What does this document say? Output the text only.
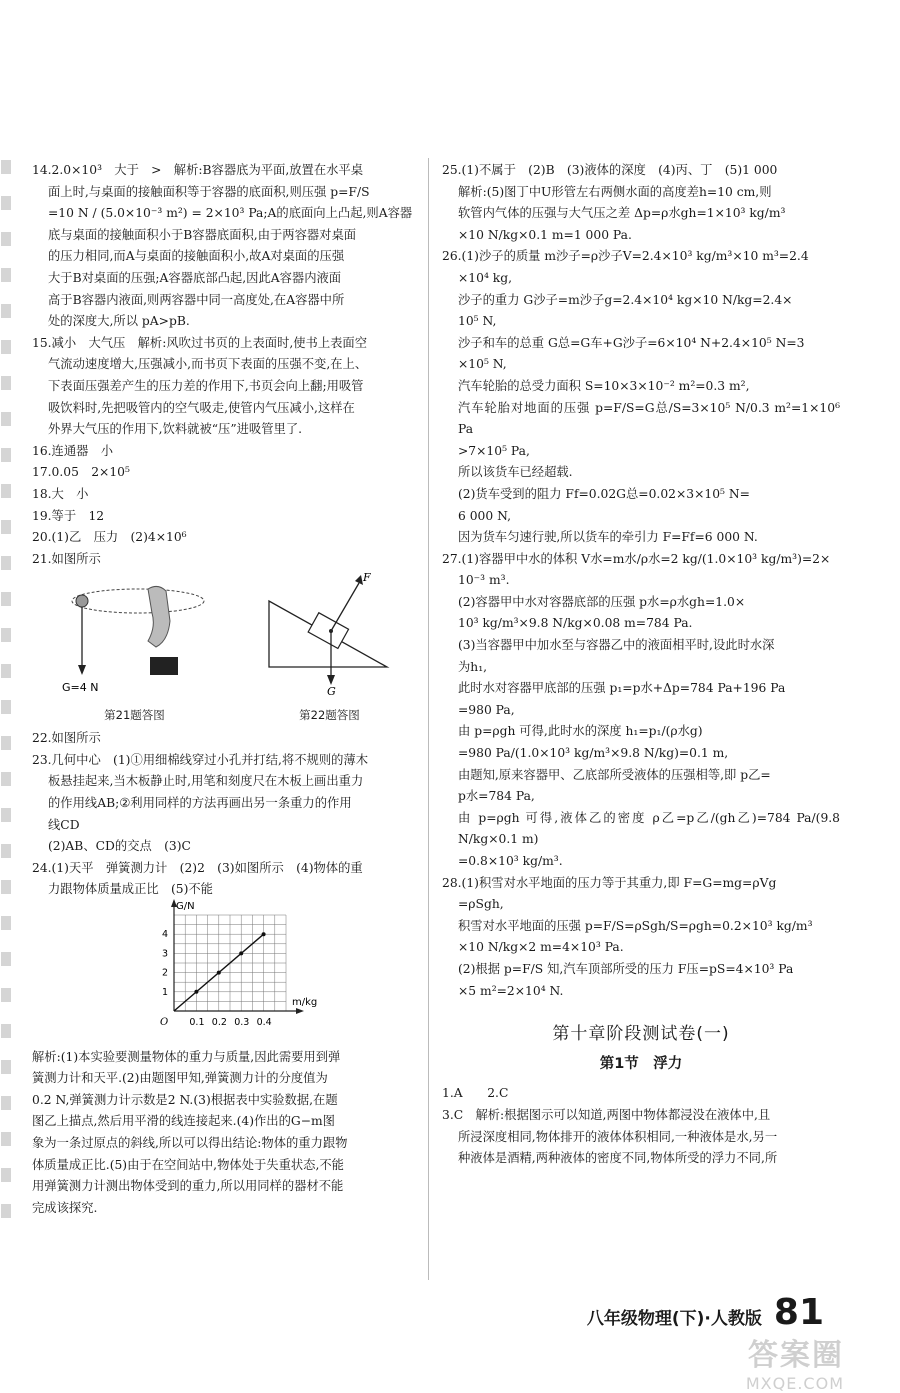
14.2.0×10³　大于　>　解析:B容器底为平面,放置在水平桌
面上时,与桌面的接触面积等于容器的底面积,则压强 p=F/S
=10 N / (5.0×10⁻³ m²) = 2×10³ Pa;A的底面向上凸起,则A容器
底与桌面的接触面积小于B容器底面积,由于两容器对桌面
的压力相同,而A与桌面的接触面积小,故A对桌面的压强
大于B对桌面的压强;A容器底部凸起,因此A容器内液面
高于B容器内液面,则两容器中同一高度处,在A容器中所
处的深度大,所以 pA>pB.
15.减小　大气压　解析:风吹过书页的上表面时,使书上表面空
气流动速度增大,压强减小,而书页下表面的压强不变,在上、
下表面压强差产生的压力差的作用下,书页会向上翻;用吸管
吸饮料时,先把吸管内的空气吸走,使管内气压减小,这样在
外界大气压的作用下,饮料就被“压”进吸管里了.
16.连通器　小
17.0.05　2×10⁵
18.大　小
19.等于　12
20.(1)乙　压力　(2)4×10⁶
21.如图所示
G=4 N
第21题答图
F
G
第22题答图
22.如图所示
23.几何中心　(1)①用细棉线穿过小孔并打结,将不规则的薄木
板悬挂起来,当木板静止时,用笔和刻度尺在木板上画出重力
的作用线AB;②利用同样的方法再画出另一条重力的作用
线CD
(2)AB、CD的交点　(3)C
24.(1)天平　弹簧测力计　(2)2　(3)如图所示　(4)物体的重
力跟物体质量成正比　(5)不能
O
m/kg
G/N
0.1 0.2 0.3 0.4
1
2
3
4
解析:(1)本实验要测量物体的重力与质量,因此需要用到弹
簧测力计和天平.(2)由题图甲知,弹簧测力计的分度值为
0.2 N,弹簧测力计示数是2 N.(3)根据表中实验数据,在题
图乙上描点,然后用平滑的线连接起来.(4)作出的G−m图
象为一条过原点的斜线,所以可以得出结论:物体的重力跟物
体质量成正比.(5)由于在空间站中,物体处于失重状态,不能
用弹簧测力计测出物体受到的重力,所以用同样的器材不能
完成该探究.
25.(1)不属于　(2)B　(3)液体的深度　(4)丙、丁　(5)1 000
解析:(5)图丁中U形管左右两侧水面的高度差h=10 cm,则
软管内气体的压强与大气压之差 Δp=ρ水gh=1×10³ kg/m³
×10 N/kg×0.1 m=1 000 Pa.
26.(1)沙子的质量 m沙子=ρ沙子V=2.4×10³ kg/m³×10 m³=2.4
×10⁴ kg,
沙子的重力 G沙子=m沙子g=2.4×10⁴ kg×10 N/kg=2.4×
10⁵ N,
沙子和车的总重 G总=G车+G沙子=6×10⁴ N+2.4×10⁵ N=3
×10⁵ N,
汽车轮胎的总受力面积 S=10×3×10⁻² m²=0.3 m²,
汽车轮胎对地面的压强 p=F/S=G总/S=3×10⁵ N/0.3 m²=1×10⁶ Pa
>7×10⁵ Pa,
所以该货车已经超载.
(2)货车受到的阻力 Ff=0.02G总=0.02×3×10⁵ N=
6 000 N,
因为货车匀速行驶,所以货车的牵引力 F=Ff=6 000 N.
27.(1)容器甲中水的体积 V水=m水/ρ水=2 kg/(1.0×10³ kg/m³)=2×
10⁻³ m³.
(2)容器甲中水对容器底部的压强 p水=ρ水gh=1.0×
10³ kg/m³×9.8 N/kg×0.08 m=784 Pa.
(3)当容器甲中加水至与容器乙中的液面相平时,设此时水深
为h₁,
此时水对容器甲底部的压强 p₁=p水+Δp=784 Pa+196 Pa
=980 Pa,
由 p=ρgh 可得,此时水的深度 h₁=p₁/(ρ水g)
=980 Pa/(1.0×10³ kg/m³×9.8 N/kg)=0.1 m,
由题知,原来容器甲、乙底部所受液体的压强相等,即 p乙=
p水=784 Pa,
由 p=ρgh 可得,液体乙的密度 ρ乙=p乙/(gh乙)=784 Pa/(9.8 N/kg×0.1 m)
=0.8×10³ kg/m³.
28.(1)积雪对水平地面的压力等于其重力,即 F=G=mg=ρVg
=ρSgh,
积雪对水平地面的压强 p=F/S=ρSgh/S=ρgh=0.2×10³ kg/m³
×10 N/kg×2 m=4×10³ Pa.
(2)根据 p=F/S 知,汽车顶部所受的压力 F压=pS=4×10³ Pa
×5 m²=2×10⁴ N.
第十章阶段测试卷(一)
第1节　浮力
1.A　　2.C
3.C　解析:根据图示可以知道,两图中物体都浸没在液体中,且
所浸深度相同,物体排开的液体体积相同,一种液体是水,另一
种液体是酒精,两种液体的密度不同,物体所受的浮力不同,所
八年级物理(下)·人教版 81
答案圈
MXQE.COM
